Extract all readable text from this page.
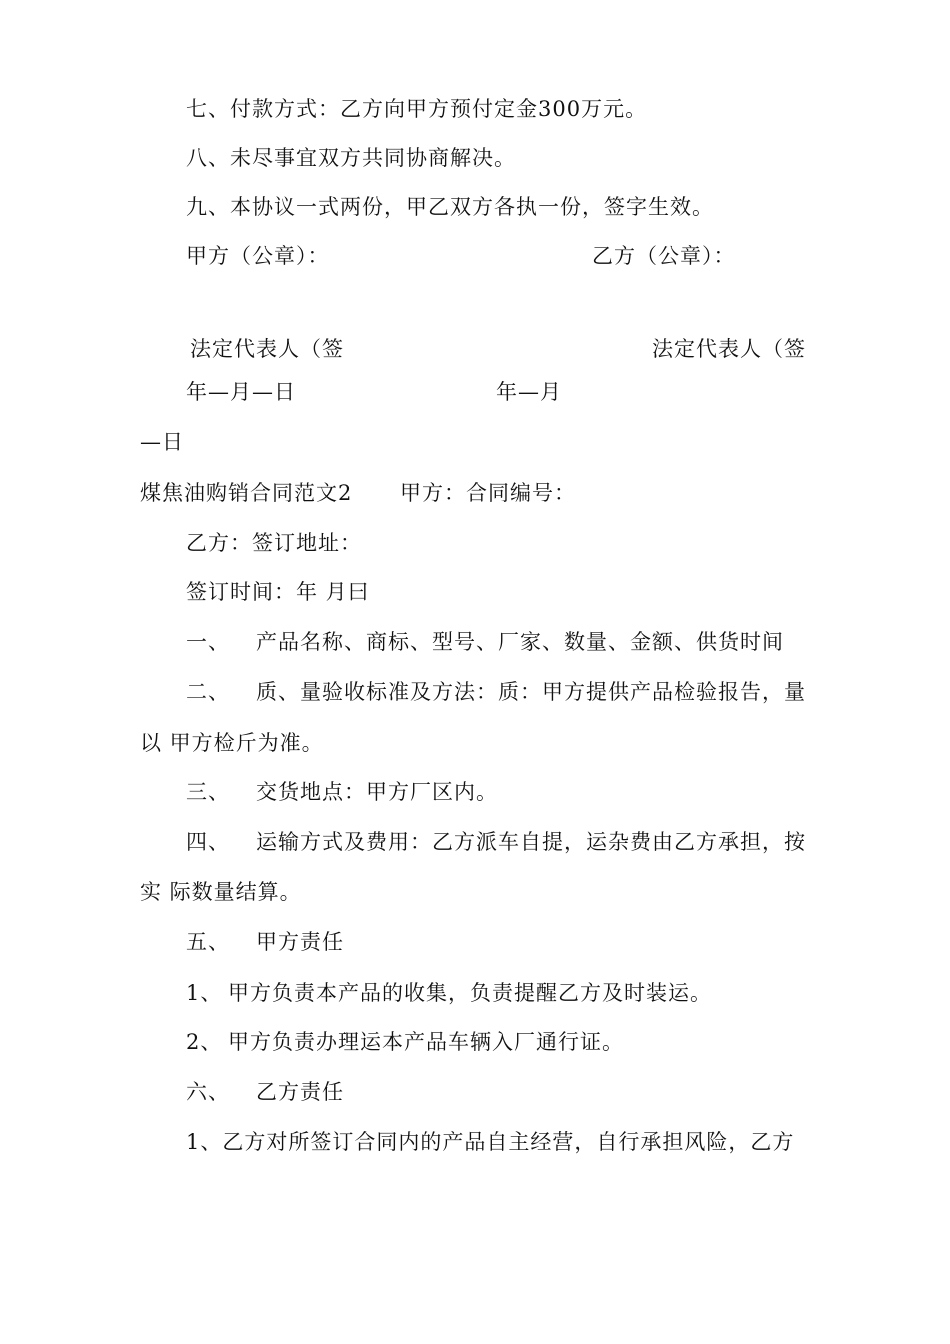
七、付款方式：乙方向甲方预付定金300万元。
八、未尽事宜双方共同协商解决。
九、本协议一式两份，甲乙双方各执一份，签字生效。
甲方（公章）：	乙方（公章）：
法定代表人（签	法定代表人（签
年—月—日	年—月
—日
煤焦油购销合同范文2 甲方：合同编号：
乙方：签订地址：
签订时间：年 月曰
一、 产品名称、商标、型号、厂家、数量、金额、供货时间
二、 质、量验收标准及方法：质：甲方提供产品检验报告，量
以 甲方检斤为准。
三、 交货地点：甲方厂区内。
四、 运输方式及费用：乙方派车自提，运杂费由乙方承担，按
实 际数量结算。
五、 甲方责任
1、 甲方负责本产品的收集，负责提醒乙方及时装运。
2、 甲方负责办理运本产品车辆入厂通行证。
六、 乙方责任
1、乙方对所签订合同内的产品自主经营，自行承担风险，乙方
